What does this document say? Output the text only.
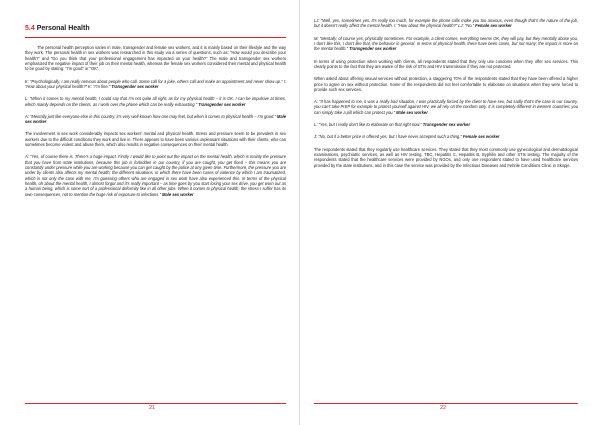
5.4 Personal Health

The personal health perception varies in male, transgender and female sex workers, and it is mainly based on their lifestyle and the way they work. The personal health in sex workers was researched in this study via a series of questions, such as: “How would you describe your health?” and “Do you think that your professional engagement has impacted on your health?” The male and transgender sex workers emphasized the negative impact of their job on their mental health, whereas the female sex workers considered their mental and physical health to be good by stating: “I’m good” or “OK”.

K: “Psychologically, I am really nervous about people who call. Some call for a joke, others call and make an appointment and never show up.” I: “How about your physical health?” K: “I’m fine.” Transgender sex worker

L: “When it comes to my mental health, I could say that I’m not quite all right, as for my physical health – it is OK. I can be impulsive at times, which mainly depends on the clients, as I work over the phone which can be really exhausting.” Transgender sex worker

A: “Mentally just like everyone else in this country, it’s very well-known how one may feel, but when it comes to physical health – I’m good.” Male sex worker

The involvement in sex work considerably impacts sex workers’ mental and physical health. Stress and pressure seem to be prevalent in sex workers due to the difficult conditions they work and live in. There appears to have been various unpleasant situations with their clients, who can sometimes become violent and abuse them, which also results in negative consequences on their mental health.

A: “Yes, of course there is. There’s a huge impact. Firstly I would like to point out the impact on the mental health, which is mainly the pressure that you have from state institutions, because this job is forbidden in our country, if you are caught, you get fined – this means you are constantly under pressure while you are working because you can get caught by the police at any given time. Furthermore, the pressure you are under by clients also affects my mental health; the different situations, in which there have been cases of violence by which I am traumatized, which is not only the case with me, I’m guessing others who are engaged in sex work have also experienced this. In terms of the physical health, oh about the mental health, I almost forgot and it’s really important – as time goes by you start losing your sex drive, you get worn out as a human being, which is some sort of a professional deformity like in all other jobs. When it comes to physical health, the stress I suffer has its own consequences, not to mention the huge risk of exposure to infections.” Male sex worker

LJ: “Well, yes, sometimes yes. It’s really too much, for example the phone calls make you too anxious, even though that’s the nature of the job, but it doesn’t really affect the mental health. I: “How about the physical health?” LJ: “No.” Female sex worker

M: “Mentally, of course yes, physically sometimes. For example, a client comes, everything seems OK, they will pay, but they mentally abuse you, I don’t like this, I don’t like that, the behavior in general. In terms of physical health, there have been cases, but not many; the impact is more on the mental health.” Transgender sex worker

In terms of using protection when working with clients, all respondents stated that they only use condoms when they offer sex services. This clearly points to the fact that they are aware of the risk of STIs and HIV transmission if they are not protected.

When asked about offering sexual services without protection, a staggering 70% of the respondents stated that they have been offered a higher price to agree on sex without protection. Some of the respondents did not feel comfortable to elaborate on situations when they were forced to provide such sex services.

A: “It has happened to me, it was a really bad situation, I was practically forced by the client to have sex, but sadly that’s the case in our country, you can’t take PrEP for example to protect yourself against HIV, we all rely on the condom only. It is completely different in western countries; you can simply take a pill which can protect you.” Male sex worker

L: “Yes, but I really don’t like to elaborate on that right now.” Transgender sex worker

J: “No, but if a better price is offered yes, but I have never accepted such a thing.” Female sex worker

The respondents stated that they regularly use healthcare services. They stated that they most commonly use gynecological and dermatological examinations, psychiatric services, as well as HIV testing, TBC, Hepatitis C, Hepatitis B, Syphilis and other STIs testing. The majority of the respondents stated that the healthcare services were provided by NGOs, and only one respondent stated to have used healthcare services provided by the state institutions, and in this case the service was provided by the Infectious Diseases and Febrile Conditions Clinic in Skopje.

21	22
